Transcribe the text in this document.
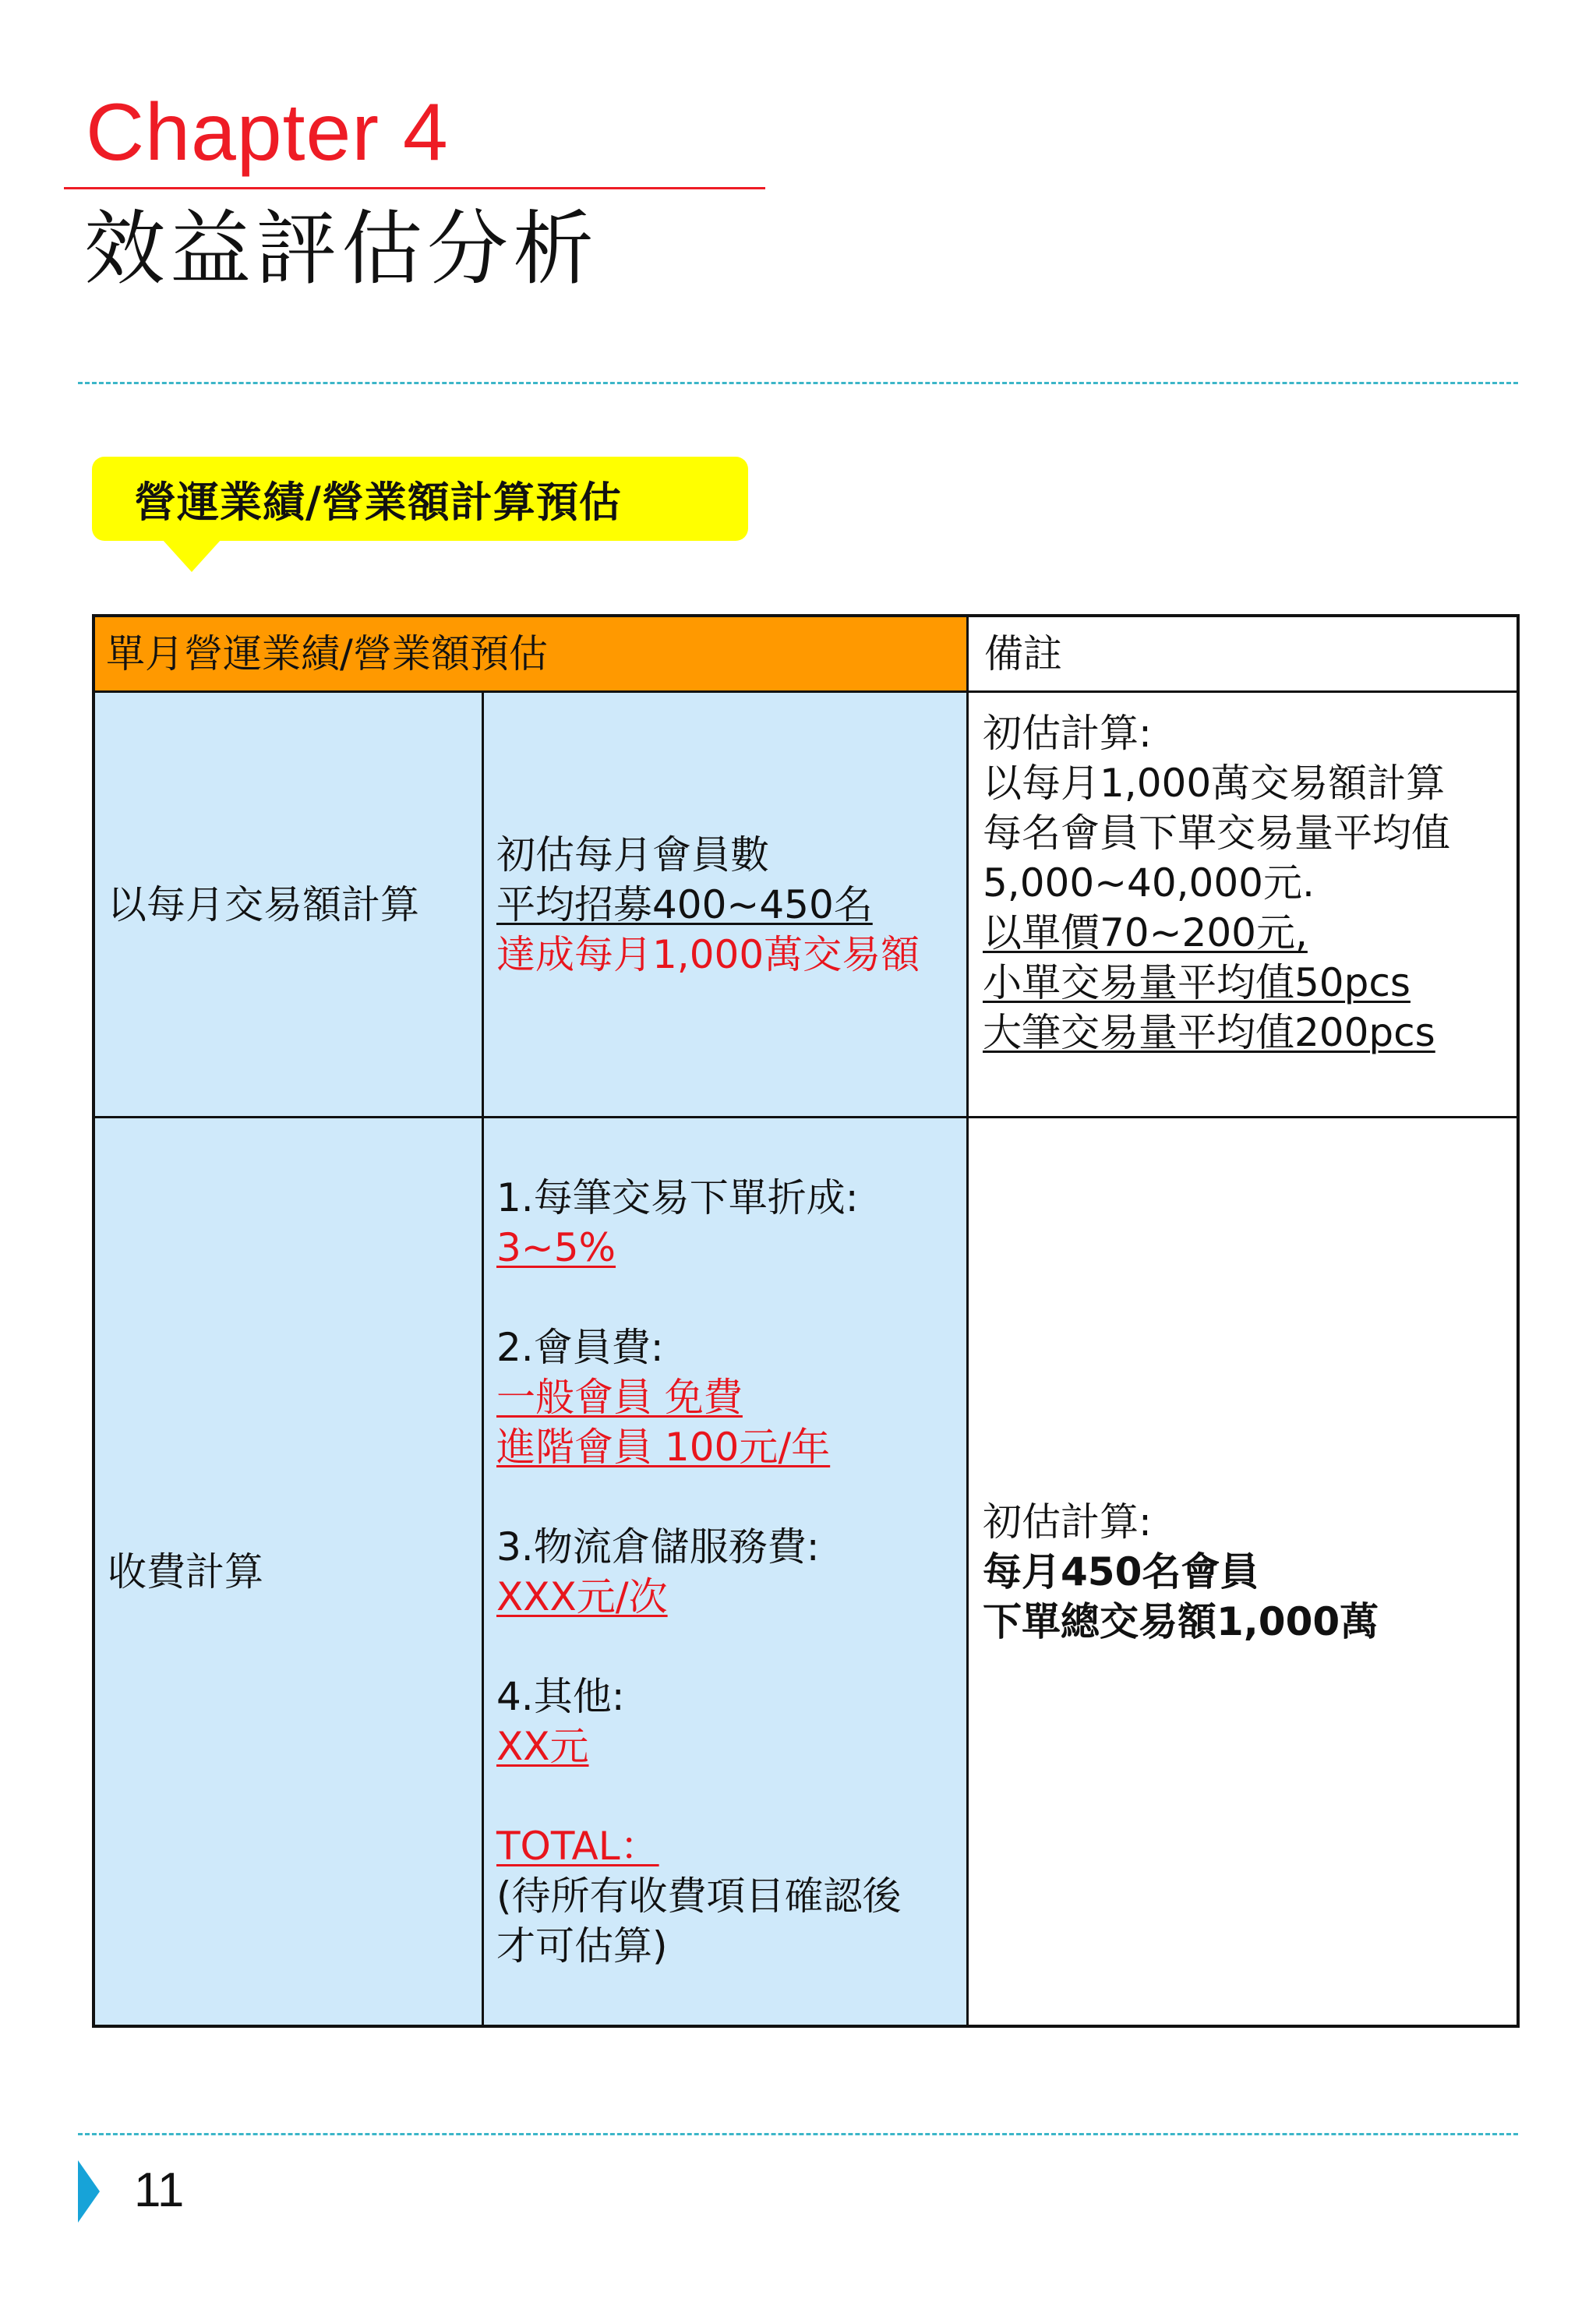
Chapter 4
效益評估分析
營運業績/營業額計算預估
單月營運業績/營業額預估	備註
以每月交易額計算
初估每月會員數
平均招募400~450名
達成每月1,000萬交易額
初估計算:
以每月1,000萬交易額計算
每名會員下單交易量平均值
5,000~40,000元.
以單價70~200元,
小單交易量平均值50pcs
大筆交易量平均值200pcs
收費計算
1.每筆交易下單折成:
3~5%
2.會員費:
一般會員 免費
進階會員 100元/年
3.物流倉儲服務費:
XXX元/次
4.其他:
XX元
TOTAL：
(待所有收費項目確認後
才可估算)
初估計算:
每月450名會員
下單總交易額1,000萬
11
